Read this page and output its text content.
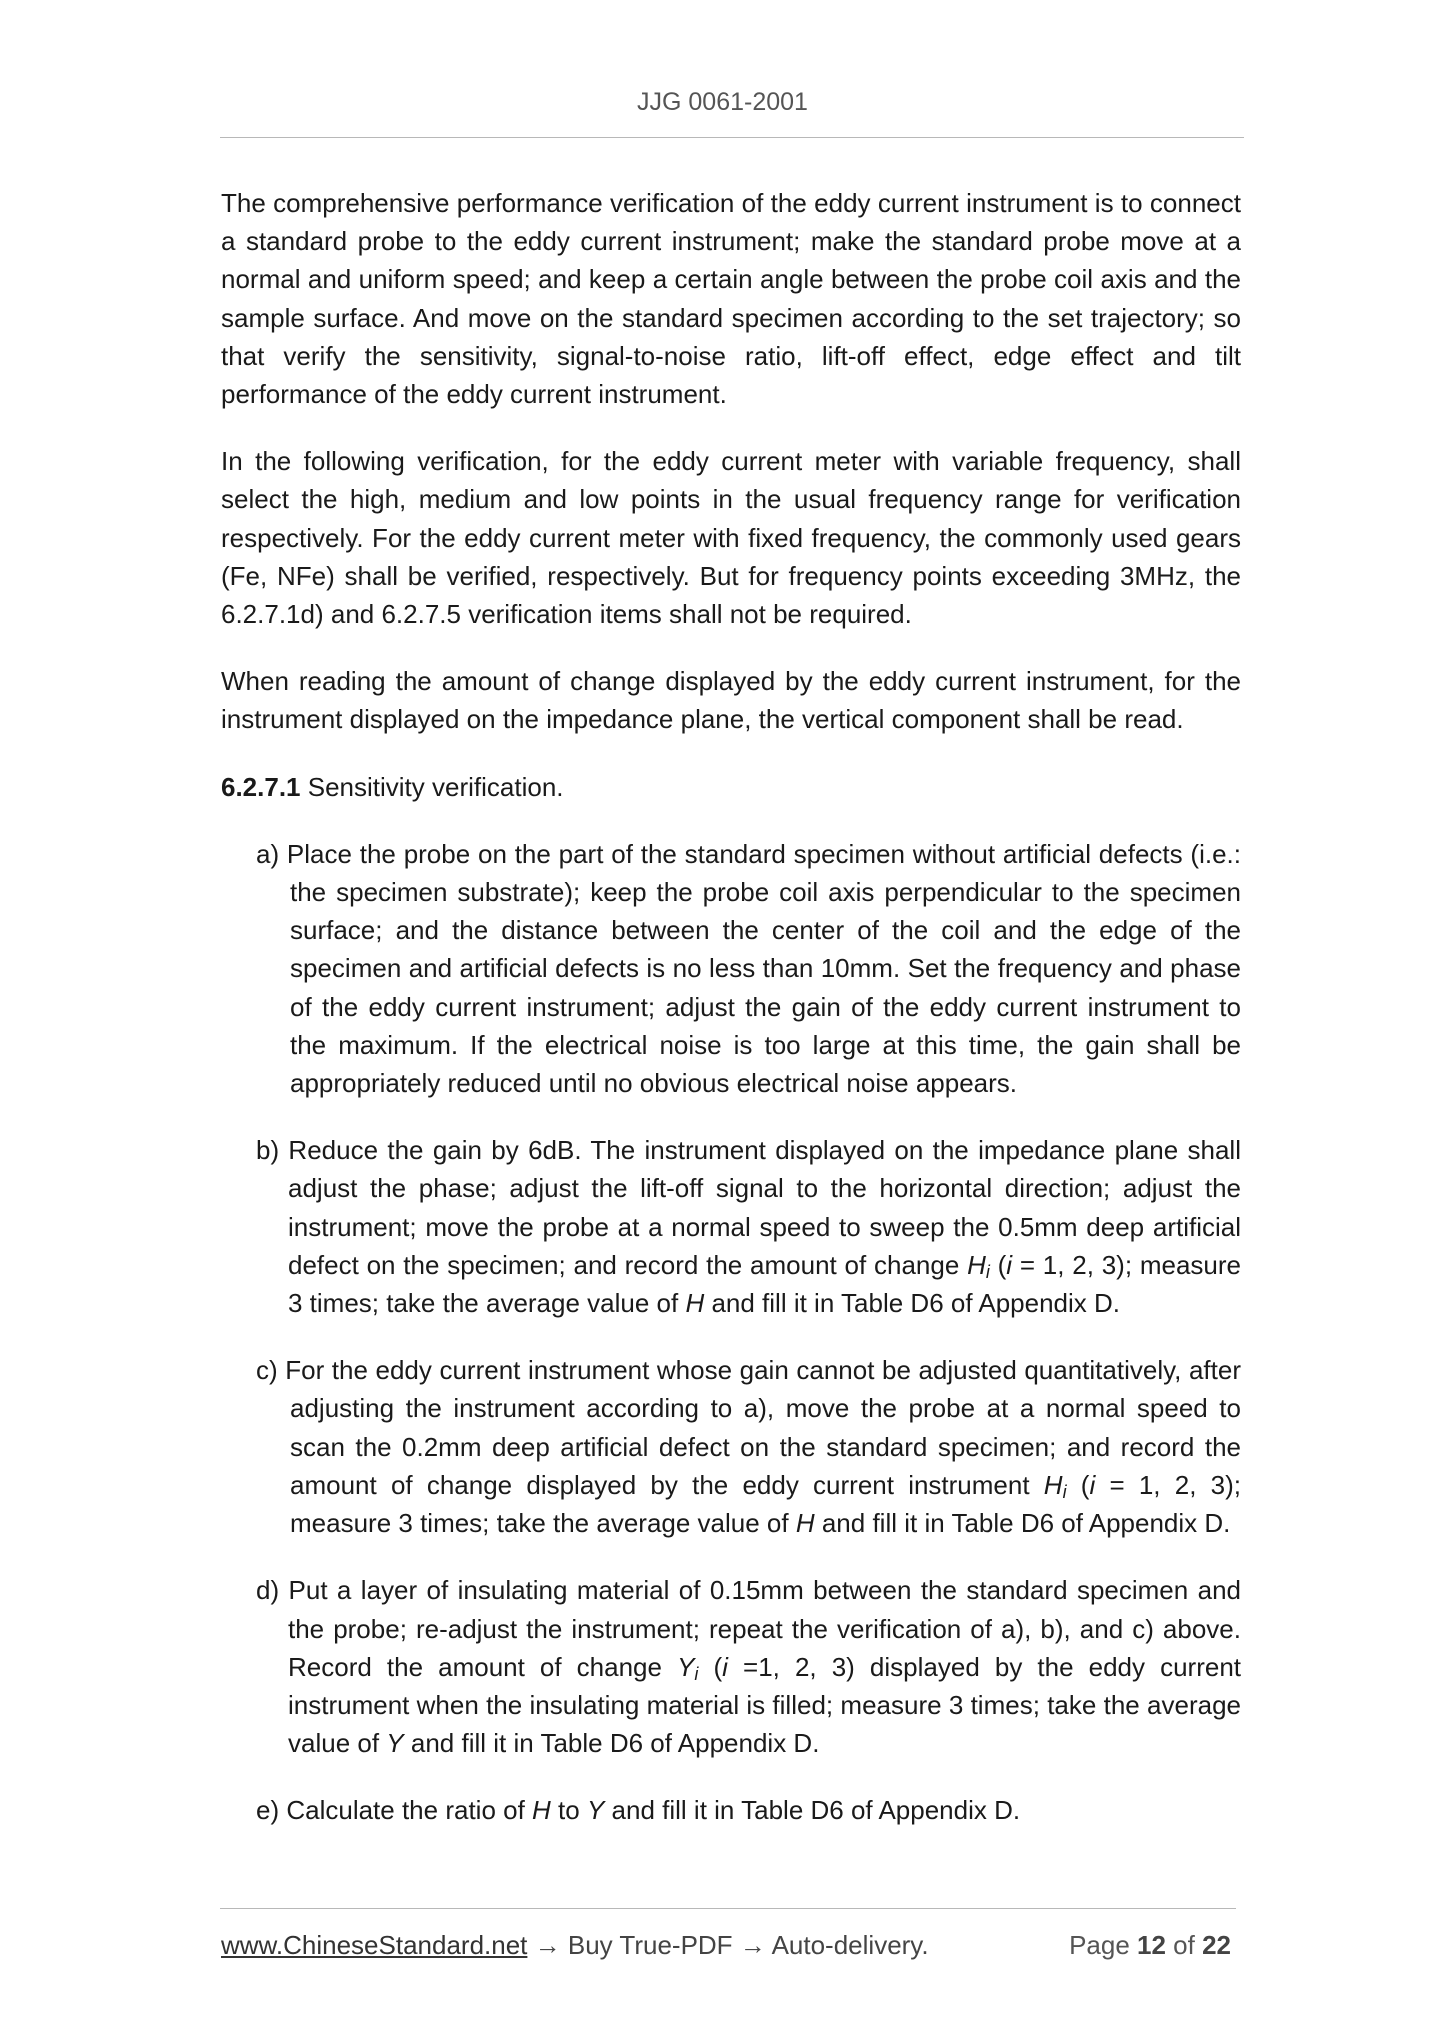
JJG 0061-2001

The comprehensive performance verification of the eddy current instrument is to connect a standard probe to the eddy current instrument; make the standard probe move at a normal and uniform speed; and keep a certain angle between the probe coil axis and the sample surface. And move on the standard specimen according to the set trajectory; so that verify the sensitivity, signal-to-noise ratio, lift-off effect, edge effect and tilt performance of the eddy current instrument.

In the following verification, for the eddy current meter with variable frequency, shall select the high, medium and low points in the usual frequency range for verification respectively. For the eddy current meter with fixed frequency, the commonly used gears (Fe, NFe) shall be verified, respectively. But for frequency points exceeding 3MHz, the 6.2.7.1d) and 6.2.7.5 verification items shall not be required.

When reading the amount of change displayed by the eddy current instrument, for the instrument displayed on the impedance plane, the vertical component shall be read.

6.2.7.1 Sensitivity verification.

a) Place the probe on the part of the standard specimen without artificial defects (i.e.: the specimen substrate); keep the probe coil axis perpendicular to the specimen surface; and the distance between the center of the coil and the edge of the specimen and artificial defects is no less than 10mm. Set the frequency and phase of the eddy current instrument; adjust the gain of the eddy current instrument to the maximum. If the electrical noise is too large at this time, the gain shall be appropriately reduced until no obvious electrical noise appears.

b) Reduce the gain by 6dB. The instrument displayed on the impedance plane shall adjust the phase; adjust the lift-off signal to the horizontal direction; adjust the instrument; move the probe at a normal speed to sweep the 0.5mm deep artificial defect on the specimen; and record the amount of change $H_i$ (i = 1, 2, 3); measure 3 times; take the average value of H and fill it in Table D6 of Appendix D.

c) For the eddy current instrument whose gain cannot be adjusted quantitatively, after adjusting the instrument according to a), move the probe at a normal speed to scan the 0.2mm deep artificial defect on the standard specimen; and record the amount of change displayed by the eddy current instrument $H_i$ (i = 1, 2, 3); measure 3 times; take the average value of H and fill it in Table D6 of Appendix D.

d) Put a layer of insulating material of 0.15mm between the standard specimen and the probe; re-adjust the instrument; repeat the verification of a), b), and c) above. Record the amount of change $Y_i$ (i =1, 2, 3) displayed by the eddy current instrument when the insulating material is filled; measure 3 times; take the average value of Y and fill it in Table D6 of Appendix D.

e) Calculate the ratio of H to Y and fill it in Table D6 of Appendix D.

www.ChineseStandard.net → Buy True-PDF → Auto-delivery.	Page 12 of 22
